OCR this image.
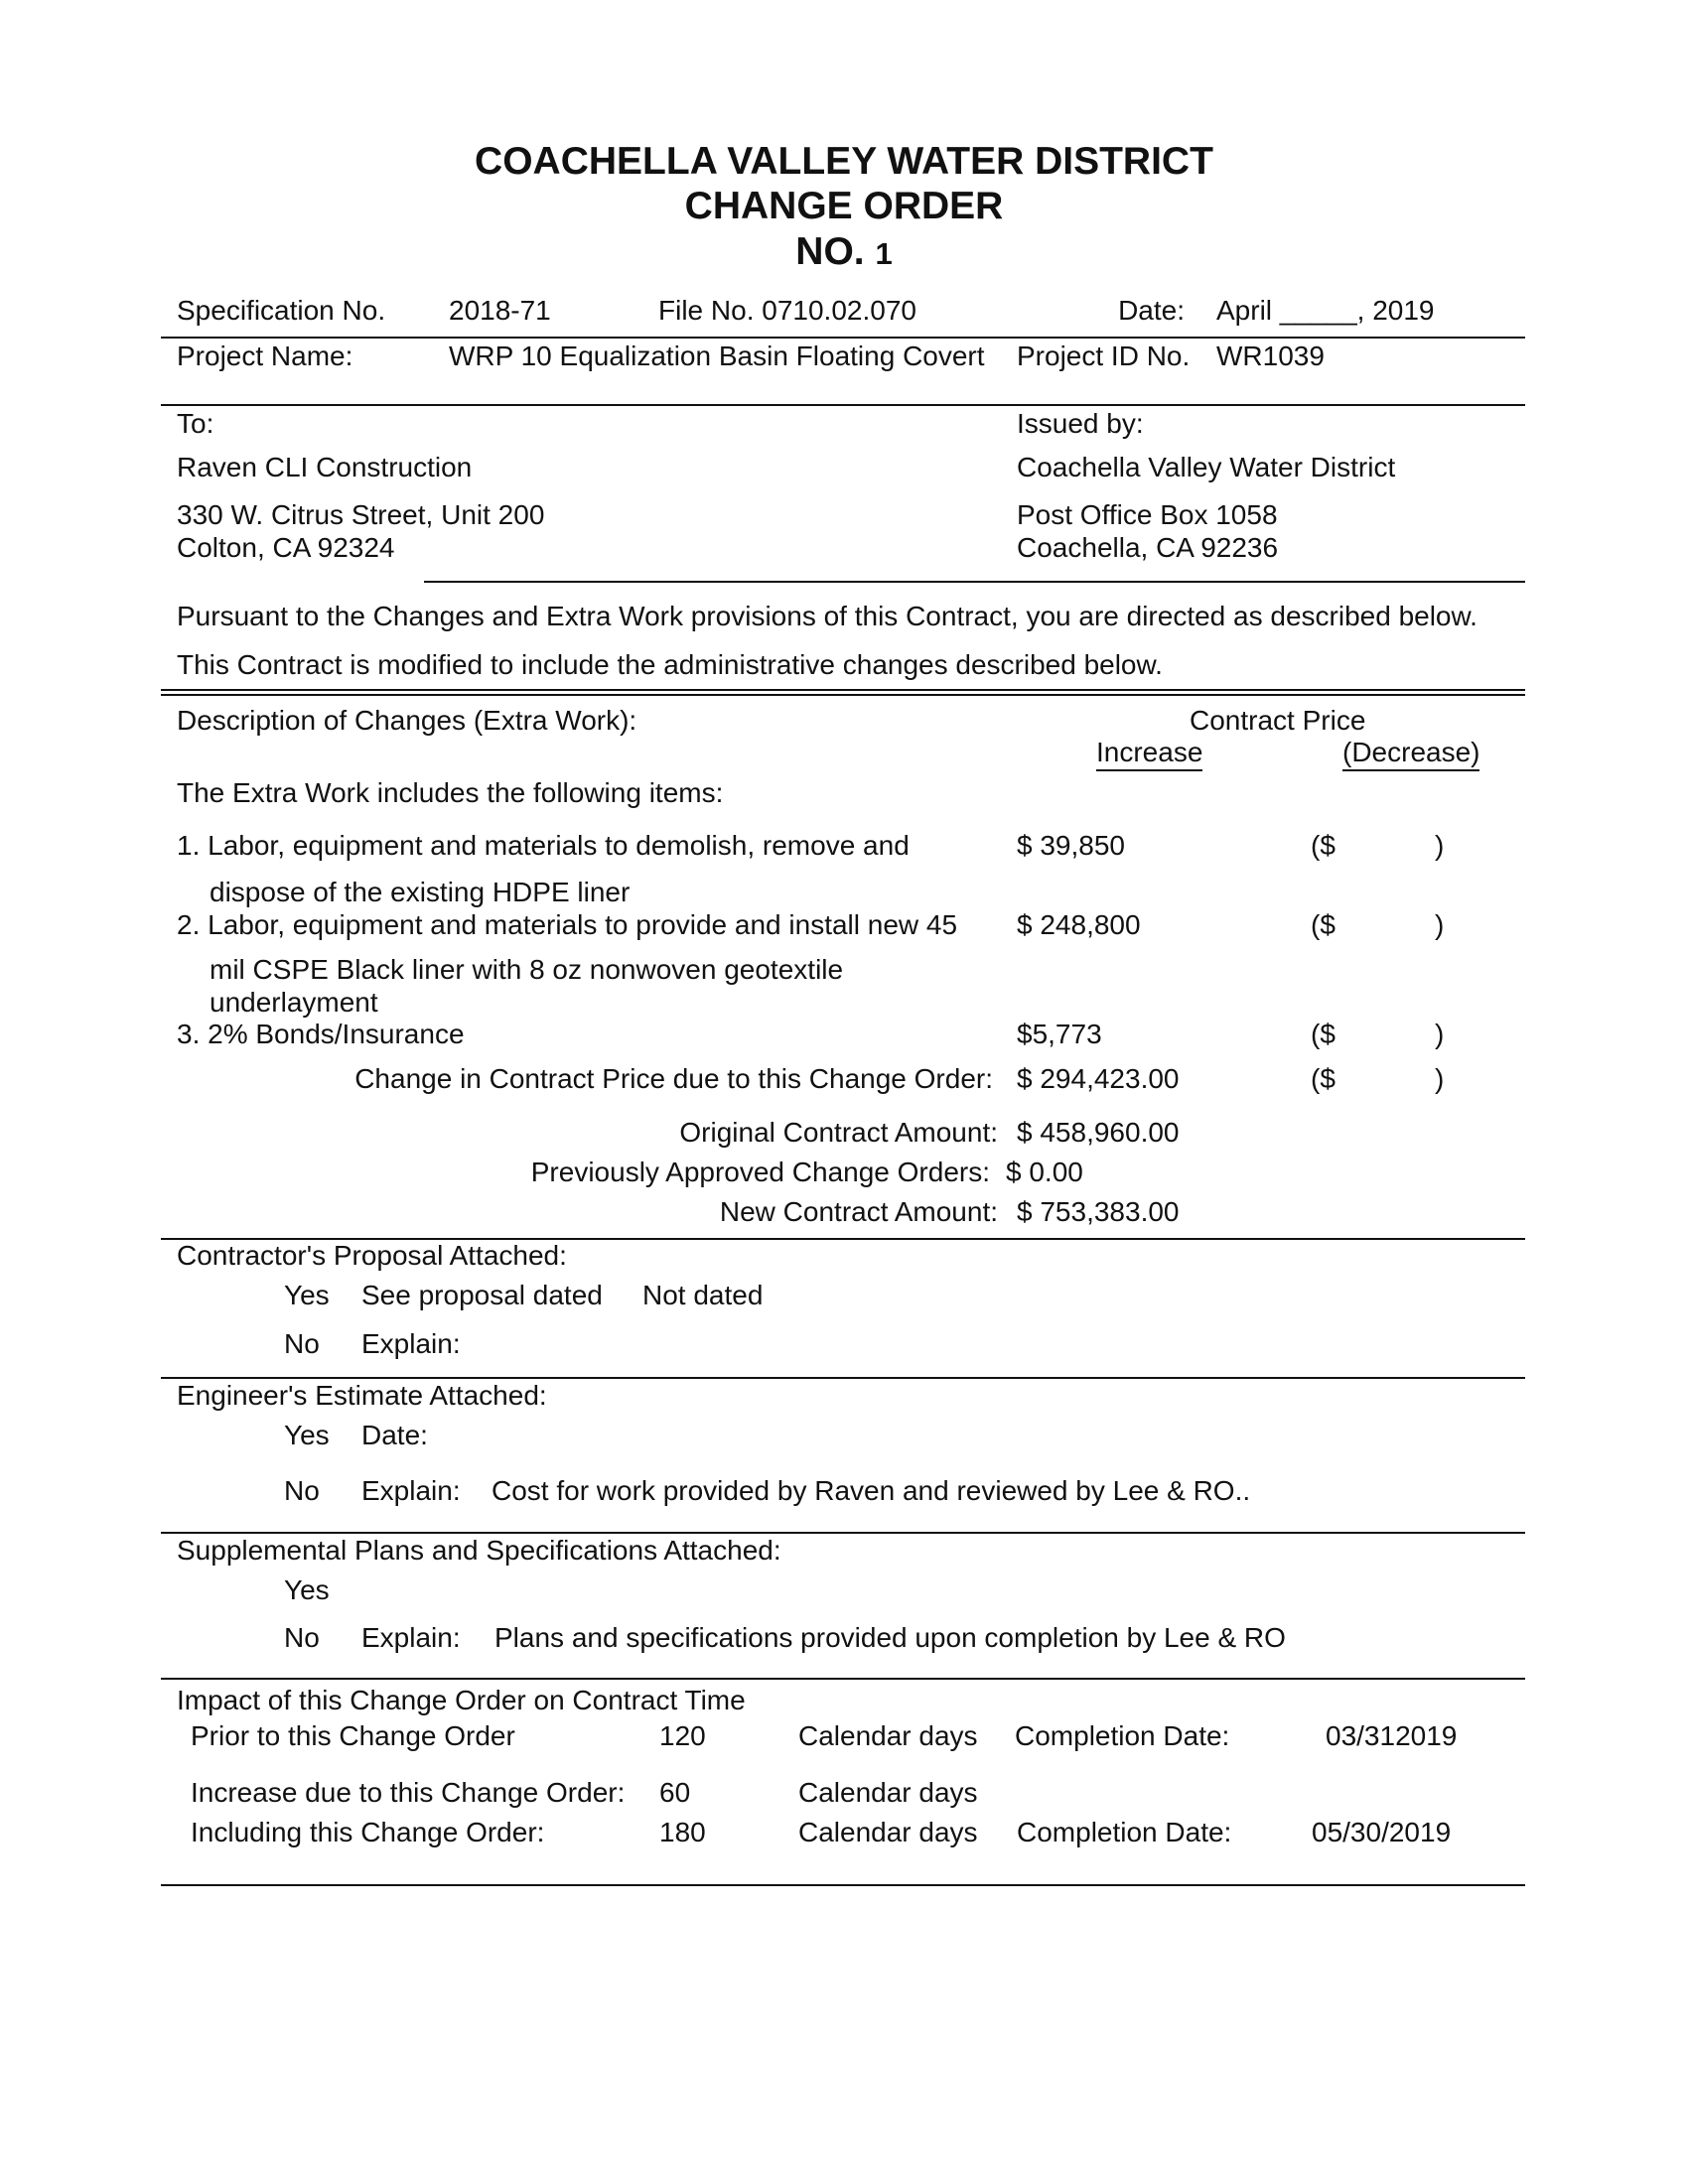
COACHELLA VALLEY WATER DISTRICT
CHANGE ORDER
NO. 1
Specification No. 2018-71	File No. 0710.02.070	Date: April _____, 2019
Project Name:	WRP 10 Equalization Basin Floating Covert Project ID No. WR1039
To:
Raven CLI Construction
330 W. Citrus Street, Unit 200
Colton, CA 92324
Issued by:
Coachella Valley Water District
Post Office Box 1058
Coachella, CA 92236
Pursuant to the Changes and Extra Work provisions of this Contract, you are directed as described below.
This Contract is modified to include the administrative changes described below.
Description of Changes (Extra Work):	Contract Price
Increase	(Decrease)
The Extra Work includes the following items:
1. Labor, equipment and materials to demolish, remove and
dispose of the existing HDPE liner
$ 39,850	($	)
2. Labor, equipment and materials to provide and install new 45
mil CSPE Black liner with 8 oz nonwoven geotextile
underlayment
$ 248,800	($	)
3. 2% Bonds/Insurance	$5,773	($	)
Change in Contract Price due to this Change Order: $ 294,423.00	($	)
Original Contract Amount: $ 458,960.00
Previously Approved Change Orders: $ 0.00
New Contract Amount: $ 753,383.00
Contractor's Proposal Attached:
Yes See proposal dated Not dated
No Explain:
Engineer's Estimate Attached:
Yes Date:
No Explain: Cost for work provided by Raven and reviewed by Lee & RO..
Supplemental Plans and Specifications Attached:
Yes
No Explain: Plans and specifications provided upon completion by Lee & RO
Impact of this Change Order on Contract Time
Prior to this Change Order	120	Calendar days Completion Date:	03/312019
Increase due to this Change Order: 60	Calendar days
Including this Change Order:	180	Calendar days Completion Date:	05/30/2019
